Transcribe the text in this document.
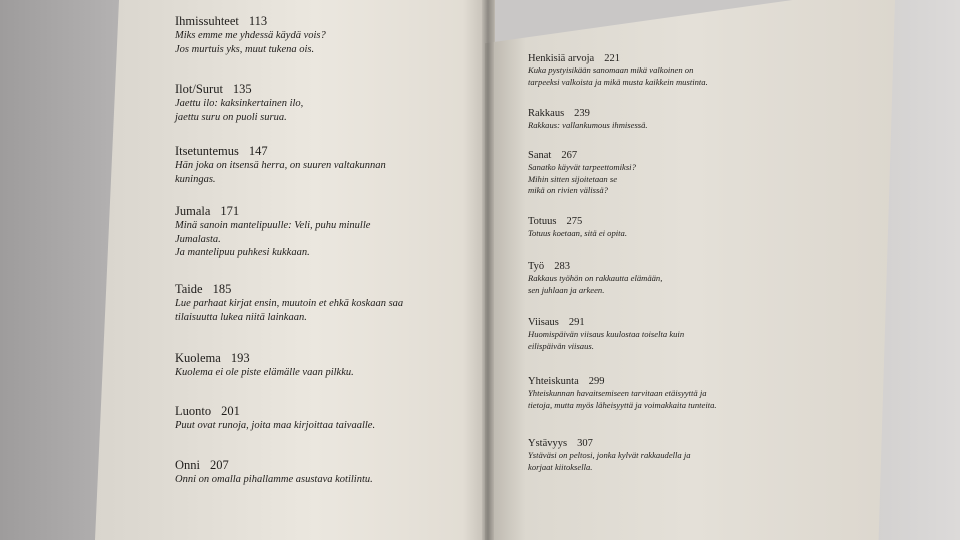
Ihmissuhteet 113
Miks emme me yhdessä käydä vois?
Jos murtuis yks, muut tukena ois.
Ilot/Surut 135
Jaettu ilo: kaksinkertainen ilo,
jaettu suru on puoli surua.
Itsetuntemus 147
Hän joka on itsensä herra, on suuren valtakunnan
kuningas.
Jumala 171
Minä sanoin mantelipuulle: Veli, puhu minulle
Jumalasta.
Ja mantelipuu puhkesi kukkaan.
Taide 185
Lue parhaat kirjat ensin, muutoin et ehkä koskaan saa
tilaisuutta lukea niitä lainkaan.
Kuolema 193
Kuolema ei ole piste elämälle vaan pilkku.
Luonto 201
Puut ovat runoja, joita maa kirjoittaa taivaalle.
Onni 207
Onni on omalla pihallamme asustava kotilintu.
Henkisiä arvoja 221
Kuka pystyisikään sanomaan mikä valkoinen on
tarpeeksi valkoista ja mikä musta kaikkein mustinta.
Rakkaus 239
Rakkaus: vallankumous ihmisessä.
Sanat 267
Sanatko käyvät tarpeettomiksi?
Mihin sitten sijoitetaan se
mikä on rivien välissä?
Totuus 275
Totuus koetaan, sitä ei opita.
Työ 283
Rakkaus työhön on rakkautta elämään,
sen juhlaan ja arkeen.
Viisaus 291
Huomispäivän viisaus kuulostaa toiselta kuin
eilispäivän viisaus.
Yhteiskunta 299
Yhteiskunnan havaitsemiseen tarvitaan etäisyyttä ja
tietoja, mutta myös läheisyyttä ja voimakkaita tunteita.
Ystävyys 307
Ystäväsi on peltosi, jonka kylvät rakkaudella ja
korjaat kiitoksella.
